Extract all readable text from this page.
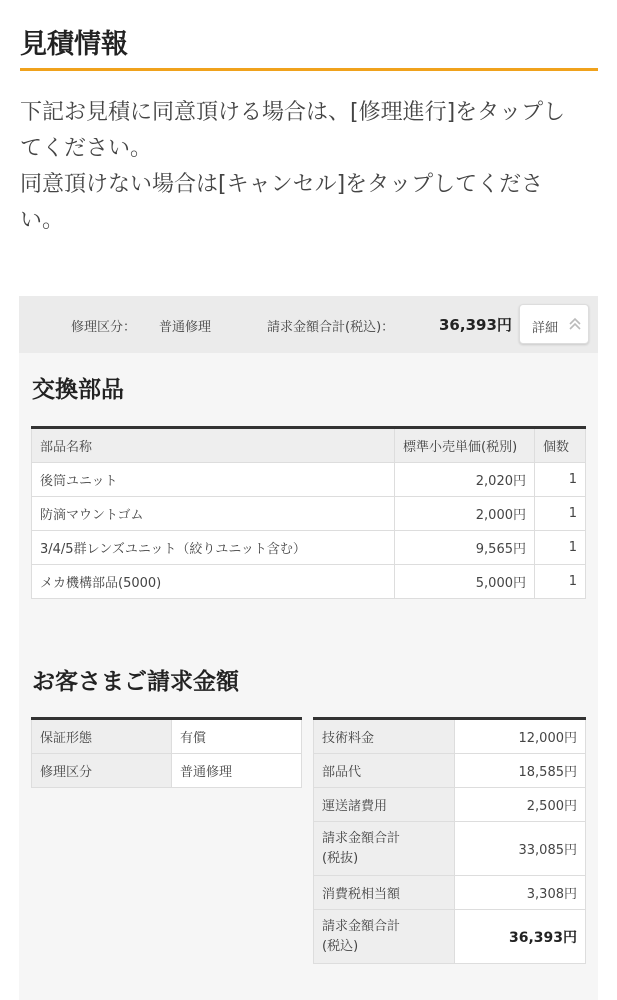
見積情報
下記お見積に同意頂ける場合は、[修理進行]をタップし
てください。
同意頂けない場合は[キャンセル]をタップしてくださ
い。
修理区分： 普通修理	請求金額合計(税込)：	36,393円 詳細
交換部品
部品名称	標準小売単価(税別)	個数
後筒ユニット	2,020円	1
防滴マウントゴム	2,000円	1
3/4/5群レンズユニット（絞りユニット含む）	9,565円	1
メカ機構部品(5000)	5,000円	1
お客さまご請求金額
保証形態	有償
修理区分	普通修理
技術料金	12,000円
部品代	18,585円
運送諸費用	2,500円

請求金額合計
(税抜)	33,085円
消費税相当額	3,308円

請求金額合計
(税込)	36,393円
